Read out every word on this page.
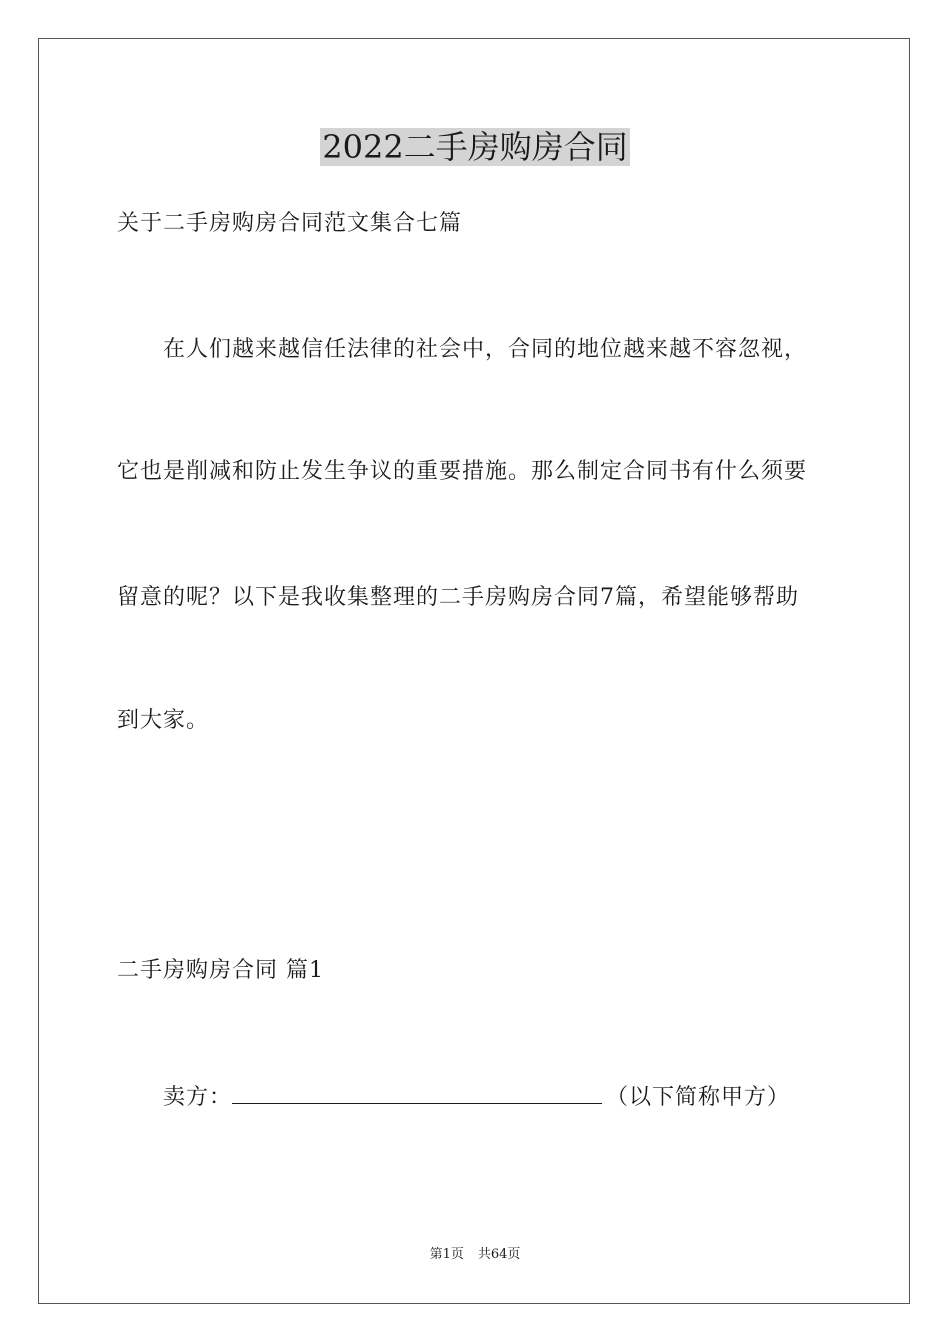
2022二手房购房合同
关于二手房购房合同范文集合七篇
在人们越来越信任法律的社会中，合同的地位越来越不容忽视，
它也是削减和防止发生争议的重要措施。那么制定合同书有什么须要
留意的呢？以下是我收集整理的二手房购房合同7篇，希望能够帮助
到大家。
二手房购房合同 篇1
卖方：	（以下简称甲方）
第1页 共64页
